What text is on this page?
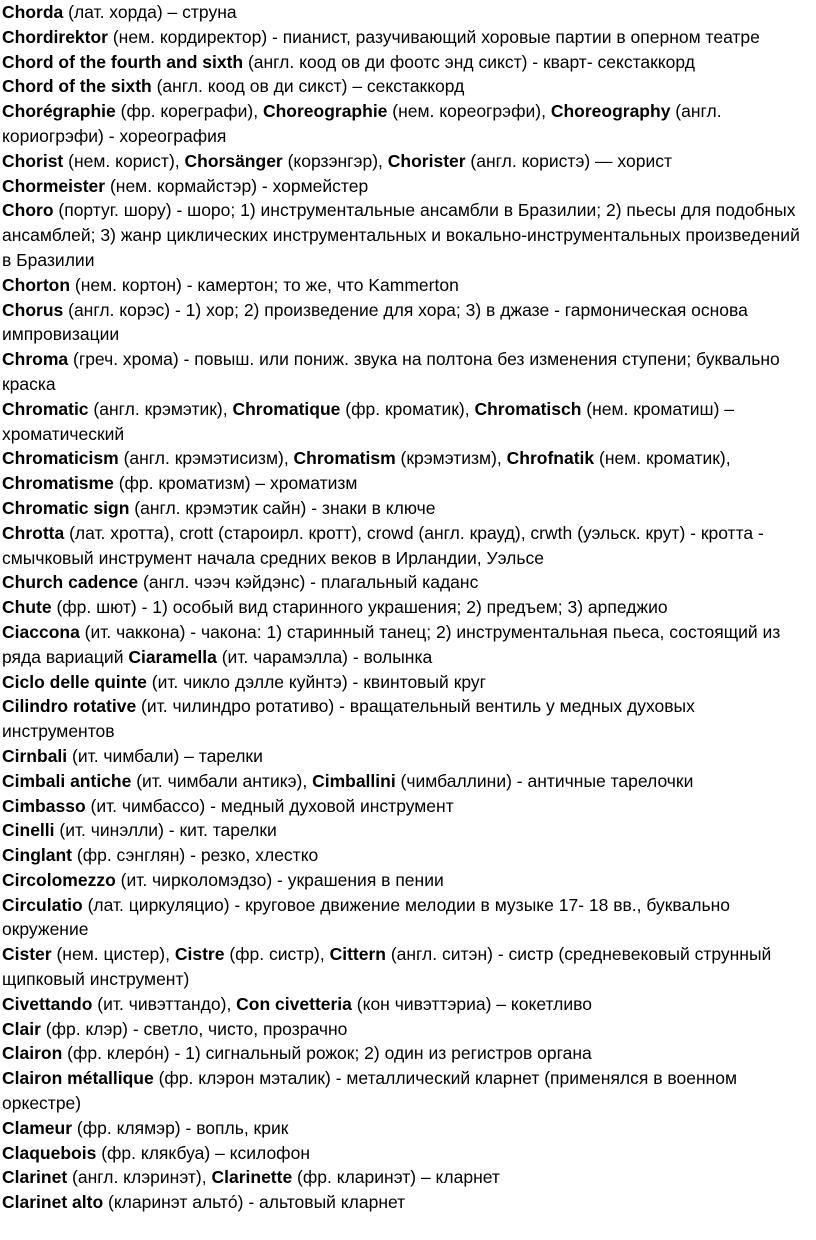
Chorda (лат. хорда) – струна
Chordirektor (нем. кордиректор) - пианист, разучивающий хоровые партии в оперном театре
Chord of the fourth and sixth (англ. коод ов ди фоотс энд сикст) - кварт- секстаккорд
Chord of the sixth (англ. коод ов ди сикст) – секстаккорд
Chorégraphie (фр. корегрaфи), Choreographie (нем. кореогрэфи), Choreography (англ. кориогрэфи) - хореография
Chorist (нем. корист), Chorsänger (корзэнгэр), Chorister (англ. користэ) — хорист
Chormeister (нем. кормайстэр) - хормейстер
Choro (португ. шору) - шоро; 1) инструментальные ансамбли в Бразилии; 2) пьесы для подобных ансамблей; 3) жанр циклических инструментальных и вокально-инструментальных произведений в Бразилии
Chorton (нем. кортон) - камертон; то же, что Kammerton
Chorus (англ. корэс) - 1) хор; 2) произведение для хора; 3) в джазе - гармоническая основа импровизации
Chroma (греч. хрома) - повыш. или пониж. звука на полтона без изменения ступени; буквально краска
Chromatic (англ. крэмэтик), Chromatique (фр. кроматик), Chromatisch (нем. кроматиш) – хроматический
Chromaticism (англ. крэмэтисизм), Chromatism (крэмэтизм), Chrofnatik (нем. кроматик), Chromatisme (фр. кроматизм) – хроматизм
Chromatic sign (англ. крэмэтик сайн) - знаки в ключе
Chrotta (лат. хротта), crott (староирл. кротт), crowd (англ. крауд), crwth (уэльск. крут) - кротта - смычковый инструмент начала средних веков в Ирландии, Уэльсе
Church cadence (англ. чээч кэйдэнс) - плагальный каданс
Chute (фр. шют) - 1) особый вид старинного украшения; 2) предъем; 3) арпеджио
Ciaccona (ит. чаккона) - чакона: 1) старинный танец; 2) инструментальная пьеса, состоящий из ряда вариаций Ciaramella (ит. чарамэлла) - волынка
Ciclo delle quinte (ит. чикло дэлле куйнтэ) - квинтовый круг
Cilindro rotative (ит. чилиндро ротативо) - вращательный вентиль у медных духовых инструментов
Cirnbali (ит. чимбали) – тарелки
Cimbali antiche (ит. чимбали антикэ), Cimballini (чимбаллини) - античные тарелочки
Cimbasso (ит. чимбассо) - медный духовой инструмент
Cinelli (ит. чинэлли) - кит. тарелки
Cinglant (фр. сэнглян) - резко, хлестко
Circolomezzo (ит. чирколомэдзо) - украшения в пении
Circulatio (лат. циркуляцио) - круговое движение мелодии в музыке 17- 18 вв., буквально окружение
Cister (нем. цистер), Cistre (фр. систр), Cittern (англ. ситэн) - систр (средневековый струнный щипковый инструмент)
Civettando (ит. чивэттандо), Con civetteria (кон чивэттэриа) – кокетливо
Clair (фр. клэр) - светло, чисто, прозрачно
Clairon (фр. клерóн) - 1) сигнальный рожок; 2) один из регистров органа
Clairon métallique (фр. клэрон мэталик) - металлический кларнет (применялся в военном оркестре)
Clameur (фр. клямэр) - вопль, крик
Claquebois (фр. клякбуа) – ксилофон
Clarinet (англ. клэринэт), Clarinette (фр. кларинэт) – кларнет
Clarinet alto (кларинэт альтó) - альтовый кларнет
